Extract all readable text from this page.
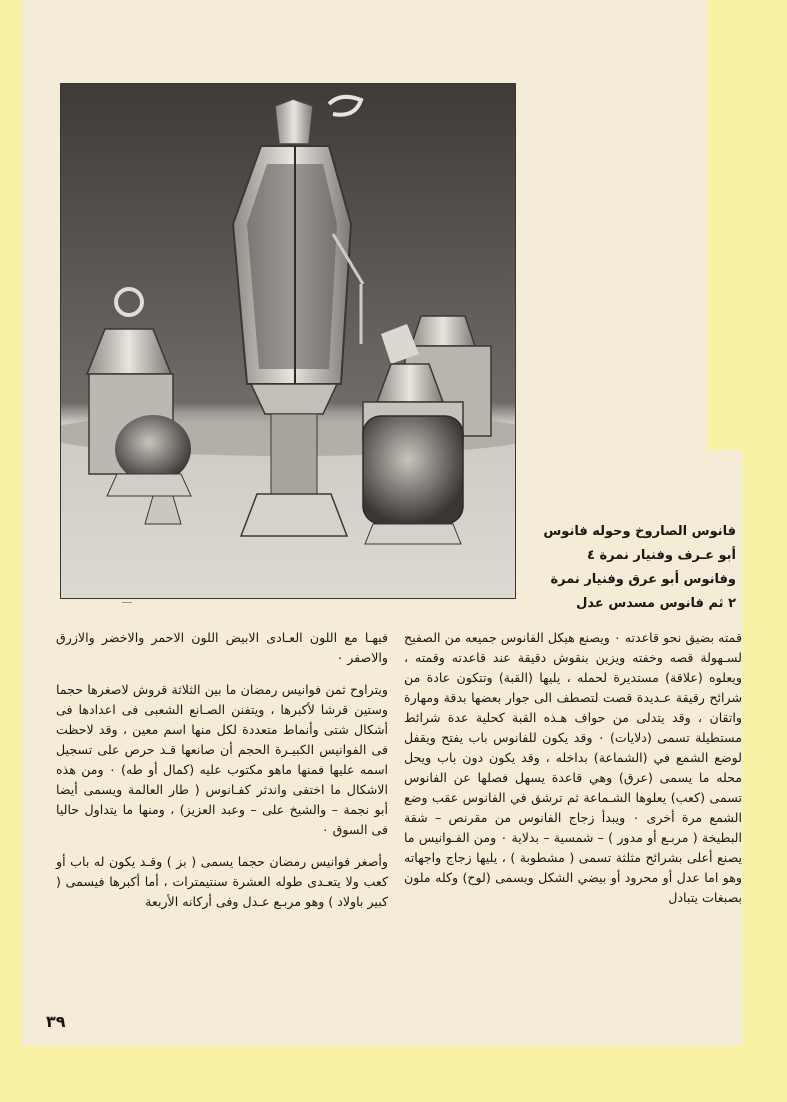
فانوس الصاروخ وحوله فانوس
أبو عـرف وفنيار نمرة ٤
وفانوس أبو عرق وفنيار نمرة
٢ ثم فانوس مسدس عدل

قمته بضيق نحو قاعدته ٠ ويصنع هيكل الفانوس جميعه من الصفيح لسـهولة قصه وخفته ويزين بنقوش دقيقة عند قاعدته وقمته ، ويعلوه (علاقة) مستديرة لحمله ، يليها (القبة) وتتكون عادة من شرائح رقيقة عـديدة قصت لتصطف الى جوار بعضها بدقة ومهارة واتقان ، وقد يتدلى من حواف هـذه القبة كحلية عدة شرائط مستطيلة تسمى (دلايات) ٠ وقد يكون للفانوس باب يفتح ويقفل لوضع الشمع في (الشماعة) بداخله ، وقد يكون دون باب ويحل محله ما يسمى (عرق) وهي قاعدة يسهل فصلها عن الفانوس تسمى (كعب) يعلوها الشـماعة ثم ترشق في الفانوس عقب وضع الشمع مرة أخرى ٠ ويبدأ زجاج الفانوس من مقرنص – شقة البطيخة ( مربـع أو مدور ) – شمسية – بدلاية ٠ ومن الفـوانيس ما يصنع أعلى بشرائح مثلثة تسمى ( مشطوبة ) ، يليها زجاج واجهاته وهو اما عدل أو محرود أو بيضي الشكل ويسمى (لوح) وكله ملون بصبغات يتبادل

فيهـا مع اللون العـادى الابيض اللون الاحمر والاخضر والازرق والاصفر ٠

ويتراوح ثمن فوانيس رمضان ما بين الثلاثة قروش لاصغرها حجما وستين قرشا لأكبرها ، ويتفنن الصـانع الشعبى فى اعدادها فى أشكال شتى وأنماط متعددة لكل منها اسم معين ، وقد لاحظت فى الفوانيس الكبيـرة الحجم أن صانعها قـد حرص على تسجيل اسمه عليها فمنها ماهو مكتوب عليه (كمال أو طه) ٠ ومن هذه الاشكال ما اختفى واندثر كفـانوس ( طار العالمة ويسمى أيضا أبو نجمة – والشيخ على – وعبد العزيز) ، ومنها ما يتداول حاليا فى السوق ٠

وأصغر فوانيس رمضان حجما يسمى ( بز ) وقـد يكون له باب أو كعب ولا يتعـدى طوله العشرة سنتيمترات ، أما أكبرها فيسمى ( كبير باولاد ) وهو مربـع عـدل وفى أركانه الأربعة

٣٩
